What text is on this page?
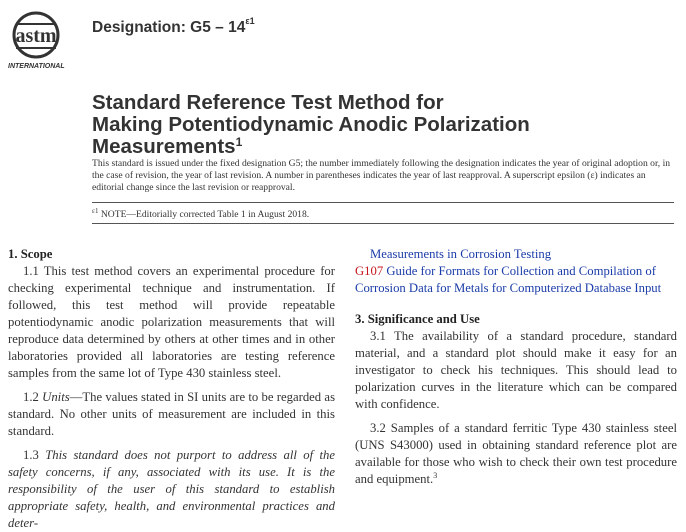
astm
INTERNATIONAL
Designation: $G5 - 14^{\varepsilon 1}$
Standard Reference Test Method for
Making Potentiodynamic Anodic Polarization
Measurements$^1$
This standard is issued under the fixed designation G5; the number immediately following the designation indicates the year of original adoption or, in the case of revision, the year of last revision. A number in parentheses indicates the year of last reapproval. A superscript epsilon (ε) indicates an editorial change since the last revision or reapproval.
$^{\varepsilon 1}$ NOTE—Editorially corrected Table 1 in August 2018.
1. Scope

1.1 This test method covers an experimental procedure for checking experimental technique and instrumentation. If followed, this test method will provide repeatable potentiodynamic anodic polarization measurements that will reproduce data determined by others at other times and in other laboratories provided all laboratories are testing reference samples from the same lot of Type 430 stainless steel.

1.2 Units—The values stated in SI units are to be regarded as standard. No other units of measurement are included in this standard.

1.3 This standard does not purport to address all of the safety concerns, if any, associated with its use. It is the responsibility of the user of this standard to establish appropriate safety, health, and environmental practices and deter-

Measurements in Corrosion Testing
G107 Guide for Formats for Collection and Compilation of Corrosion Data for Metals for Computerized Database Input
3. Significance and Use

3.1 The availability of a standard procedure, standard material, and a standard plot should make it easy for an investigator to check his techniques. This should lead to polarization curves in the literature which can be compared with confidence.

3.2 Samples of a standard ferritic Type 430 stainless steel (UNS S43000) used in obtaining standard reference plot are available for those who wish to check their own test procedure and equipment.$^3$
